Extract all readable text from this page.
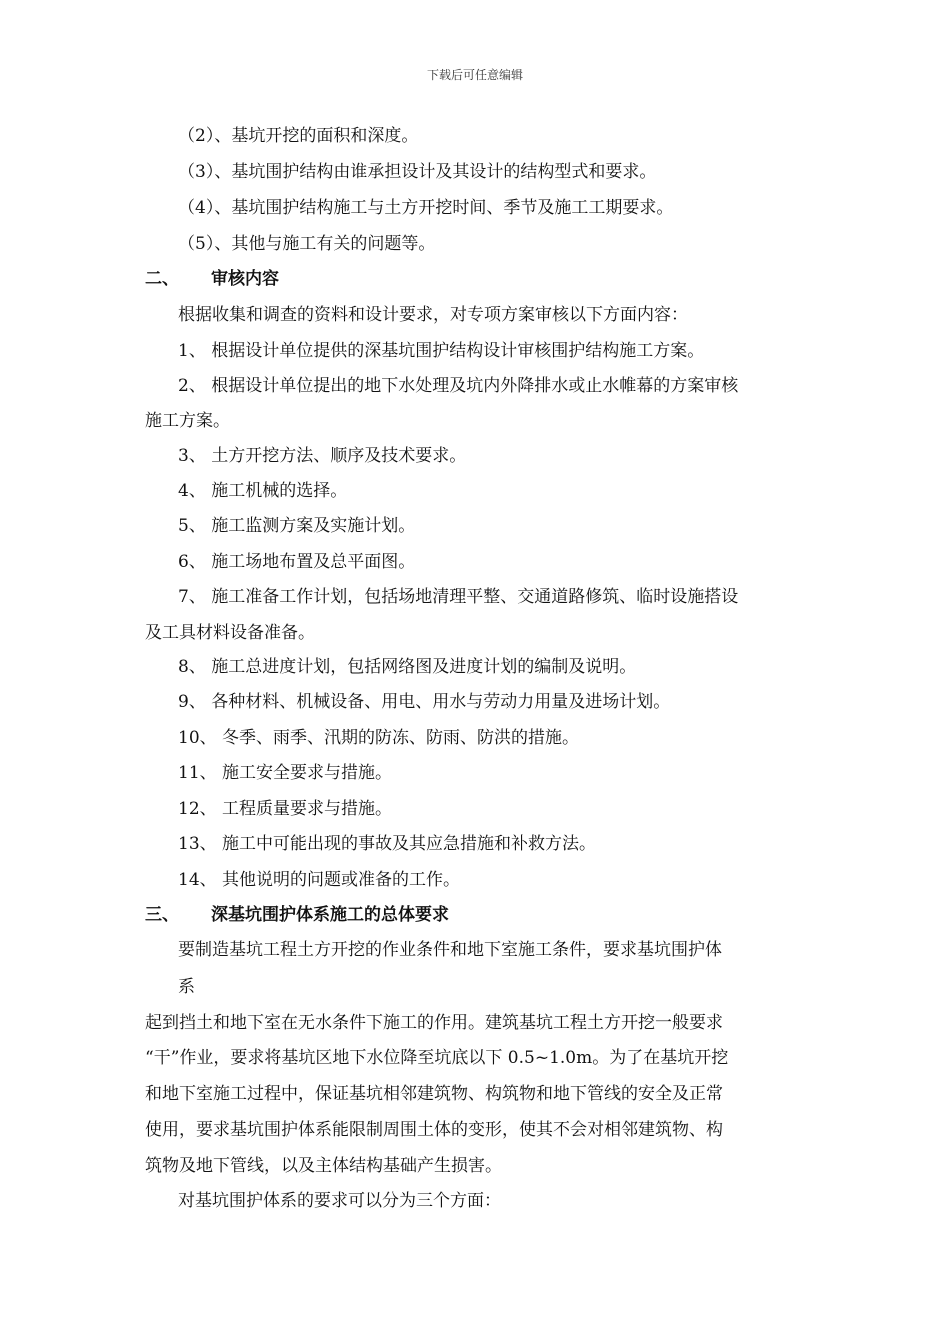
下载后可任意编辑
（2）、基坑开挖的面积和深度。
（3）、基坑围护结构由谁承担设计及其设计的结构型式和要求。
（4）、基坑围护结构施工与土方开挖时间、季节及施工工期要求。
（5）、其他与施工有关的问题等。
二、 审核内容
根据收集和调查的资料和设计要求，对专项方案审核以下方面内容：
1、 根据设计单位提供的深基坑围护结构设计审核围护结构施工方案。
2、 根据设计单位提出的地下水处理及坑内外降排水或止水帷幕的方案审核
施工方案。
3、 土方开挖方法、顺序及技术要求。
4、 施工机械的选择。
5、 施工监测方案及实施计划。
6、 施工场地布置及总平面图。
7、 施工准备工作计划，包括场地清理平整、交通道路修筑、临时设施搭设
及工具材料设备准备。
8、 施工总进度计划，包括网络图及进度计划的编制及说明。
9、 各种材料、机械设备、用电、用水与劳动力用量及进场计划。
10、 冬季、雨季、汛期的防冻、防雨、防洪的措施。
11、 施工安全要求与措施。
12、 工程质量要求与措施。
13、 施工中可能出现的事故及其应急措施和补救方法。
14、 其他说明的问题或准备的工作。
三、 深基坑围护体系施工的总体要求
要制造基坑工程土方开挖的作业条件和地下室施工条件，要求基坑围护体
系
起到挡土和地下室在无水条件下施工的作用。建筑基坑工程土方开挖一般要求
“干”作业，要求将基坑区地下水位降至坑底以下 0.5~1.0m。为了在基坑开挖
和地下室施工过程中，保证基坑相邻建筑物、构筑物和地下管线的安全及正常
使用，要求基坑围护体系能限制周围土体的变形，使其不会对相邻建筑物、构
筑物及地下管线，以及主体结构基础产生损害。
对基坑围护体系的要求可以分为三个方面：
